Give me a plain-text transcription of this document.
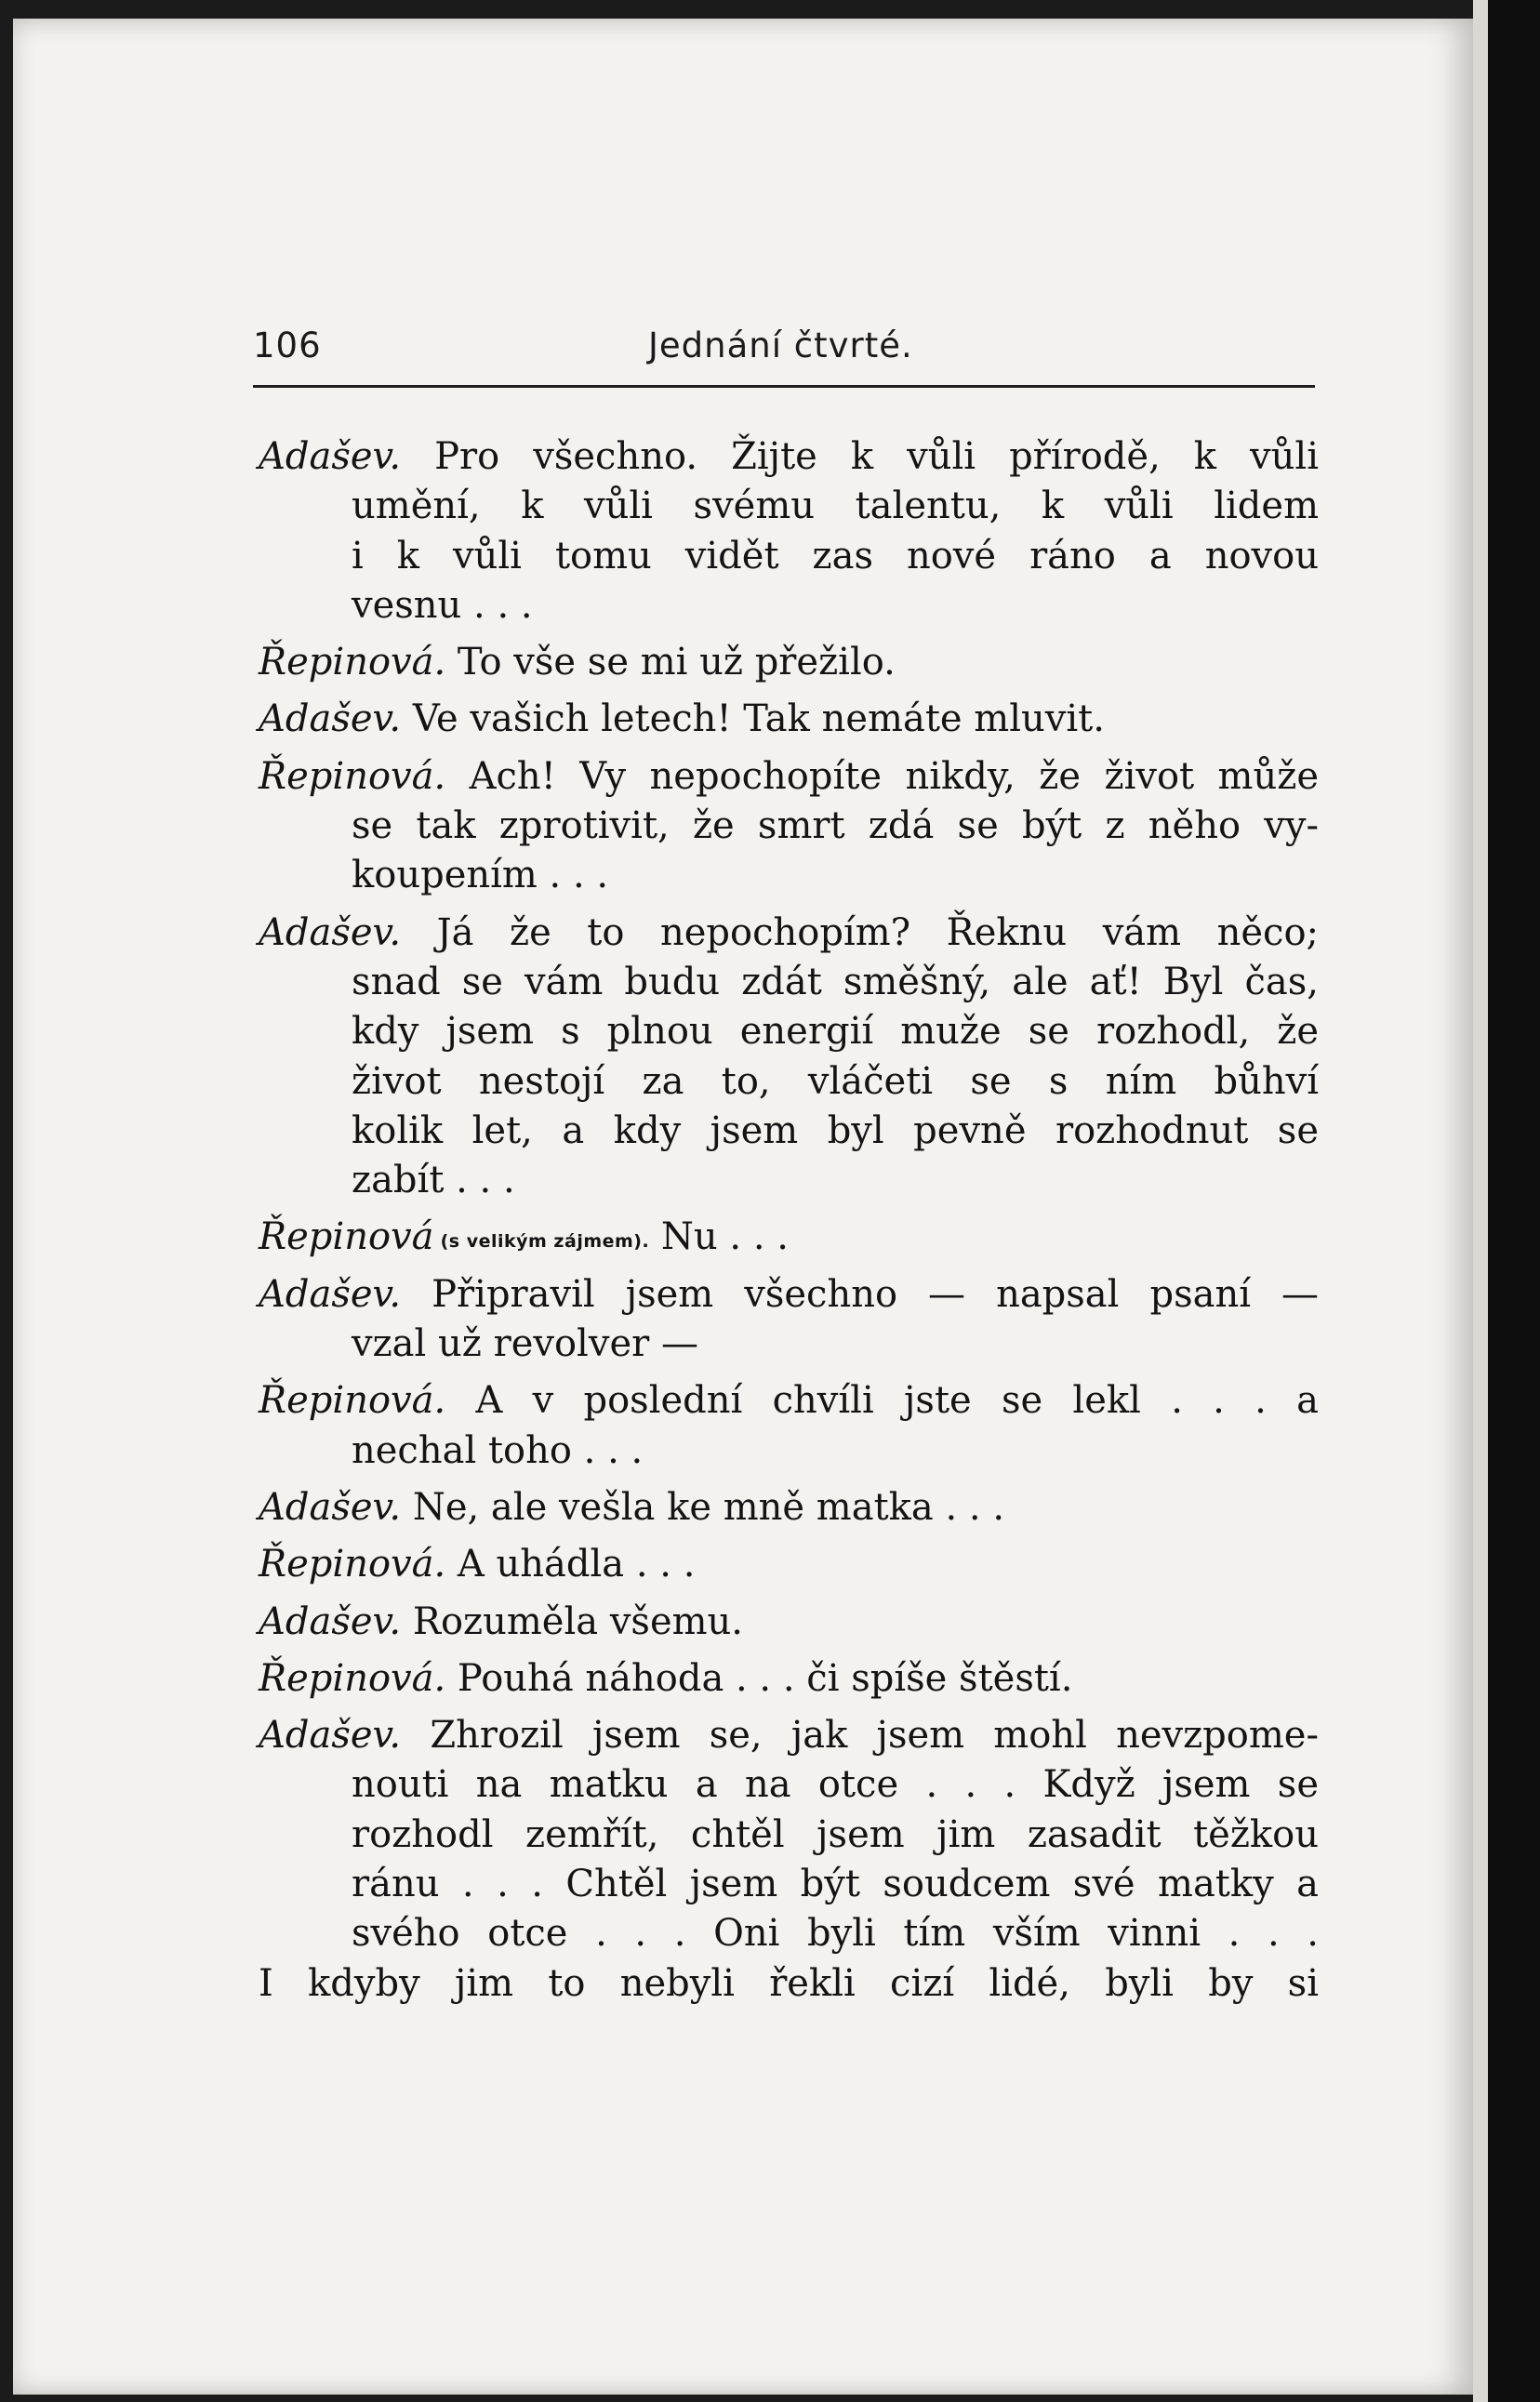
106	Jednání čtvrté.
Adašev. Pro všechno. Žijte k vůli přírodě, k vůli
umění, k vůli svému talentu, k vůli lidem
i k vůli tomu vidět zas nové ráno a novou
vesnu . . .
Řepinová. To vše se mi už přežilo.
Adašev. Ve vašich letech! Tak nemáte mluvit.
Řepinová. Ach! Vy nepochopíte nikdy, že život může
se tak zprotivit, že smrt zdá se být z něho vy-
koupením . . .
Adašev. Já že to nepochopím? Řeknu vám něco;
snad se vám budu zdát směšný, ale ať! Byl čas,
kdy jsem s plnou energií muže se rozhodl, že
život nestojí za to, vláčeti se s ním bůhví
kolik let, a kdy jsem byl pevně rozhodnut se
zabít . . .
Řepinová (s velikým zájmem). Nu . . .
Adašev. Připravil jsem všechno — napsal psaní —
vzal už revolver —
Řepinová. A v poslední chvíli jste se lekl . . . a
nechal toho . . .
Adašev. Ne, ale vešla ke mně matka . . .
Řepinová. A uhádla . . .
Adašev. Rozuměla všemu.
Řepinová. Pouhá náhoda . . . či spíše štěstí.
Adašev. Zhrozil jsem se, jak jsem mohl nevzpome-
nouti na matku a na otce . . . Když jsem se
rozhodl zemřít, chtěl jsem jim zasadit těžkou
ránu . . . Chtěl jsem být soudcem své matky a
svého otce . . . Oni byli tím vším vinni . . .
I kdyby jim to nebyli řekli cizí lidé, byli by si
